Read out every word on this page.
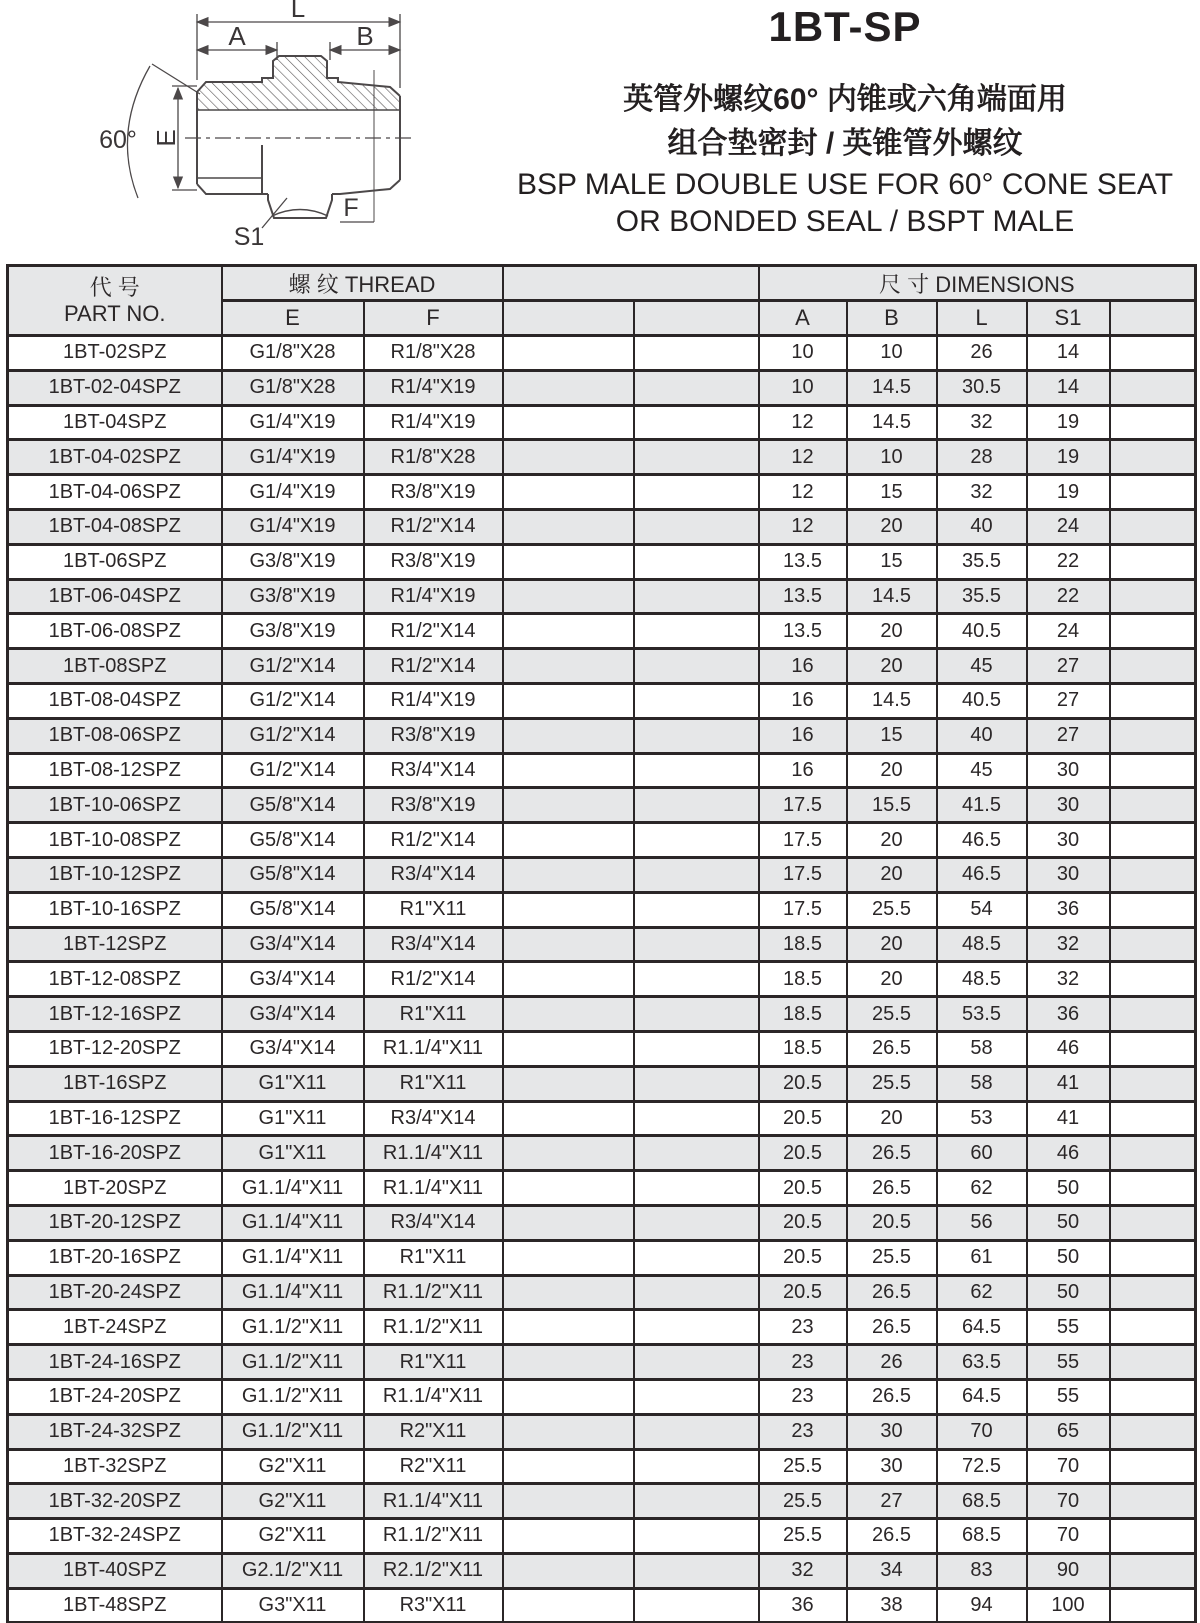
L
A	B
E
60°
S1
F
1BT-SP
英管外螺纹60° 内锥或六角端面用
组合垫密封 / 英锥管外螺纹
BSP MALE DOUBLE USE FOR 60° CONE SEAT
OR BONDED SEAL / BSPT MALE
代 号
PART NO.	螺 纹 THREAD				尺 寸 DIMENSIONS				
	E	F			A	B	L	S1	
1BT-02SPZ	G1/8"X28	R1/8"X28			10	10	26	14	
1BT-02-04SPZ	G1/8"X28	R1/4"X19			10	14.5	30.5	14	
1BT-04SPZ	G1/4"X19	R1/4"X19			12	14.5	32	19	
1BT-04-02SPZ	G1/4"X19	R1/8"X28			12	10	28	19	
1BT-04-06SPZ	G1/4"X19	R3/8"X19			12	15	32	19	
1BT-04-08SPZ	G1/4"X19	R1/2"X14			12	20	40	24	
1BT-06SPZ	G3/8"X19	R3/8"X19			13.5	15	35.5	22	
1BT-06-04SPZ	G3/8"X19	R1/4"X19			13.5	14.5	35.5	22	
1BT-06-08SPZ	G3/8"X19	R1/2"X14			13.5	20	40.5	24	
1BT-08SPZ	G1/2"X14	R1/2"X14			16	20	45	27	
1BT-08-04SPZ	G1/2"X14	R1/4"X19			16	14.5	40.5	27	
1BT-08-06SPZ	G1/2"X14	R3/8"X19			16	15	40	27	
1BT-08-12SPZ	G1/2"X14	R3/4"X14			16	20	45	30	
1BT-10-06SPZ	G5/8"X14	R3/8"X19			17.5	15.5	41.5	30	
1BT-10-08SPZ	G5/8"X14	R1/2"X14			17.5	20	46.5	30	
1BT-10-12SPZ	G5/8"X14	R3/4"X14			17.5	20	46.5	30	
1BT-10-16SPZ	G5/8"X14	R1"X11			17.5	25.5	54	36	
1BT-12SPZ	G3/4"X14	R3/4"X14			18.5	20	48.5	32	
1BT-12-08SPZ	G3/4"X14	R1/2"X14			18.5	20	48.5	32	
1BT-12-16SPZ	G3/4"X14	R1"X11			18.5	25.5	53.5	36	
1BT-12-20SPZ	G3/4"X14	R1.1/4"X11			18.5	26.5	58	46	
1BT-16SPZ	G1"X11	R1"X11			20.5	25.5	58	41	
1BT-16-12SPZ	G1"X11	R3/4"X14			20.5	20	53	41	
1BT-16-20SPZ	G1"X11	R1.1/4"X11			20.5	26.5	60	46	
1BT-20SPZ	G1.1/4"X11	R1.1/4"X11			20.5	26.5	62	50	
1BT-20-12SPZ	G1.1/4"X11	R3/4"X14			20.5	20.5	56	50	
1BT-20-16SPZ	G1.1/4"X11	R1"X11			20.5	25.5	61	50	
1BT-20-24SPZ	G1.1/4"X11	R1.1/2"X11			20.5	26.5	62	50	
1BT-24SPZ	G1.1/2"X11	R1.1/2"X11			23	26.5	64.5	55	
1BT-24-16SPZ	G1.1/2"X11	R1"X11			23	26	63.5	55	
1BT-24-20SPZ	G1.1/2"X11	R1.1/4"X11			23	26.5	64.5	55	
1BT-24-32SPZ	G1.1/2"X11	R2"X11			23	30	70	65	
1BT-32SPZ	G2"X11	R2"X11			25.5	30	72.5	70	
1BT-32-20SPZ	G2"X11	R1.1/4"X11			25.5	27	68.5	70	
1BT-32-24SPZ	G2"X11	R1.1/2"X11			25.5	26.5	68.5	70	
1BT-40SPZ	G2.1/2"X11	R2.1/2"X11			32	34	83	90	
1BT-48SPZ	G3"X11	R3"X11			36	38	94	100	
